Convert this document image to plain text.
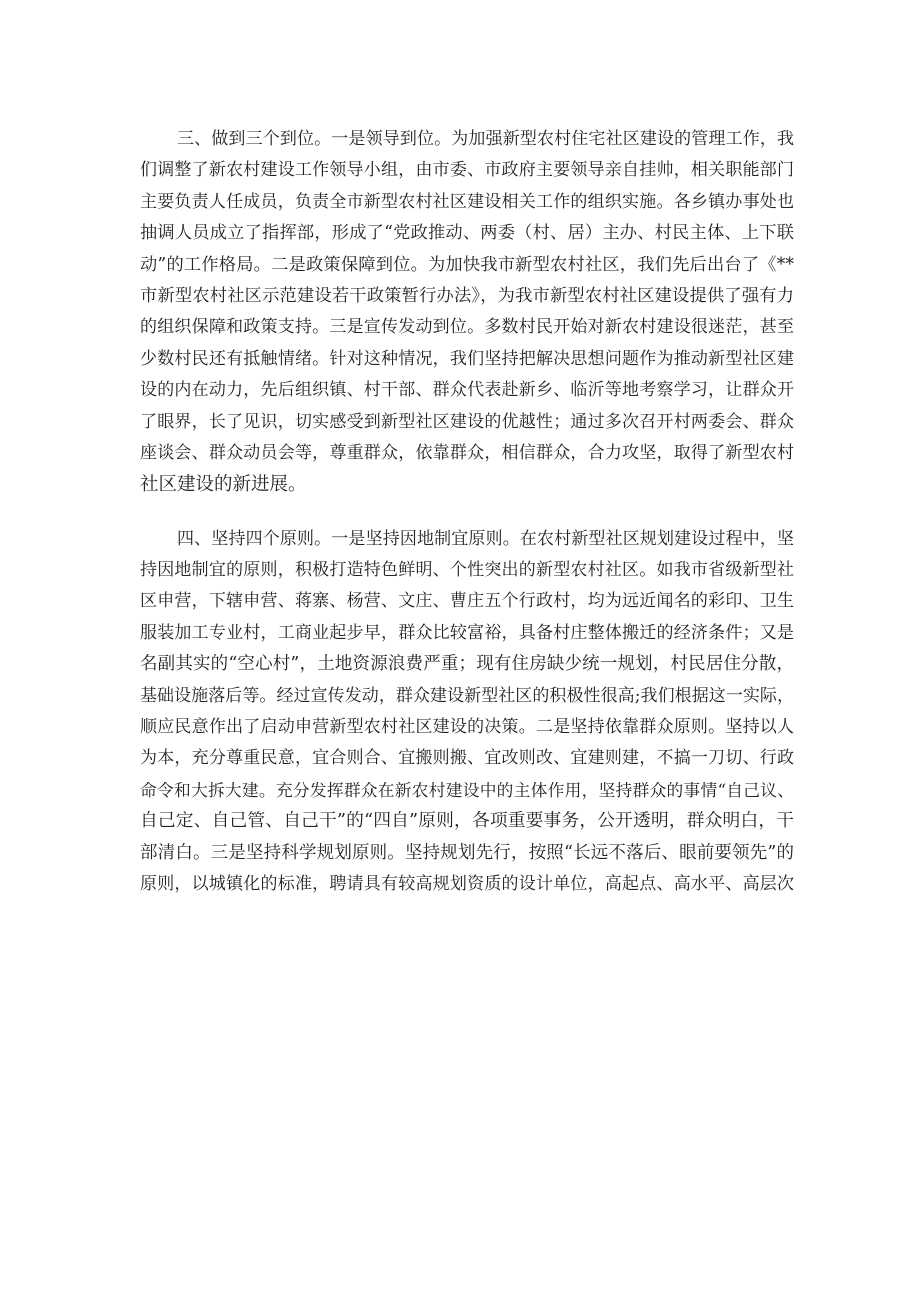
三、做到三个到位。一是领导到位。为加强新型农村住宅社区建设的管理工作，我
们调整了新农村建设工作领导小组，由市委、市政府主要领导亲自挂帅，相关职能部门
主要负责人任成员，负责全市新型农村社区建设相关工作的组织实施。各乡镇办事处也
抽调人员成立了指挥部，形成了“党政推动、两委（村、居）主办、村民主体、上下联
动”的工作格局。二是政策保障到位。为加快我市新型农村社区，我们先后出台了《**
市新型农村社区示范建设若干政策暂行办法》，为我市新型农村社区建设提供了强有力
的组织保障和政策支持。三是宣传发动到位。多数村民开始对新农村建设很迷茫，甚至
少数村民还有抵触情绪。针对这种情况，我们坚持把解决思想问题作为推动新型社区建
设的内在动力，先后组织镇、村干部、群众代表赴新乡、临沂等地考察学习，让群众开
了眼界，长了见识，切实感受到新型社区建设的优越性；通过多次召开村两委会、群众
座谈会、群众动员会等，尊重群众，依靠群众，相信群众，合力攻坚，取得了新型农村
社区建设的新进展。
四、坚持四个原则。一是坚持因地制宜原则。在农村新型社区规划建设过程中，坚
持因地制宜的原则，积极打造特色鲜明、个性突出的新型农村社区。如我市省级新型社
区申营，下辖申营、蒋寨、杨营、文庄、曹庄五个行政村，均为远近闻名的彩印、卫生
服装加工专业村，工商业起步早，群众比较富裕，具备村庄整体搬迁的经济条件；又是
名副其实的“空心村”，土地资源浪费严重；现有住房缺少统一规划，村民居住分散，
基础设施落后等。经过宣传发动，群众建设新型社区的积极性很高;我们根据这一实际，
顺应民意作出了启动申营新型农村社区建设的决策。二是坚持依靠群众原则。坚持以人
为本，充分尊重民意，宜合则合、宜搬则搬、宜改则改、宜建则建，不搞一刀切、行政
命令和大拆大建。充分发挥群众在新农村建设中的主体作用，坚持群众的事情“自己议、
自己定、自己管、自己干”的“四自”原则，各项重要事务，公开透明，群众明白，干
部清白。三是坚持科学规划原则。坚持规划先行，按照“长远不落后、眼前要领先”的
原则，以城镇化的标准，聘请具有较高规划资质的设计单位，高起点、高水平、高层次
